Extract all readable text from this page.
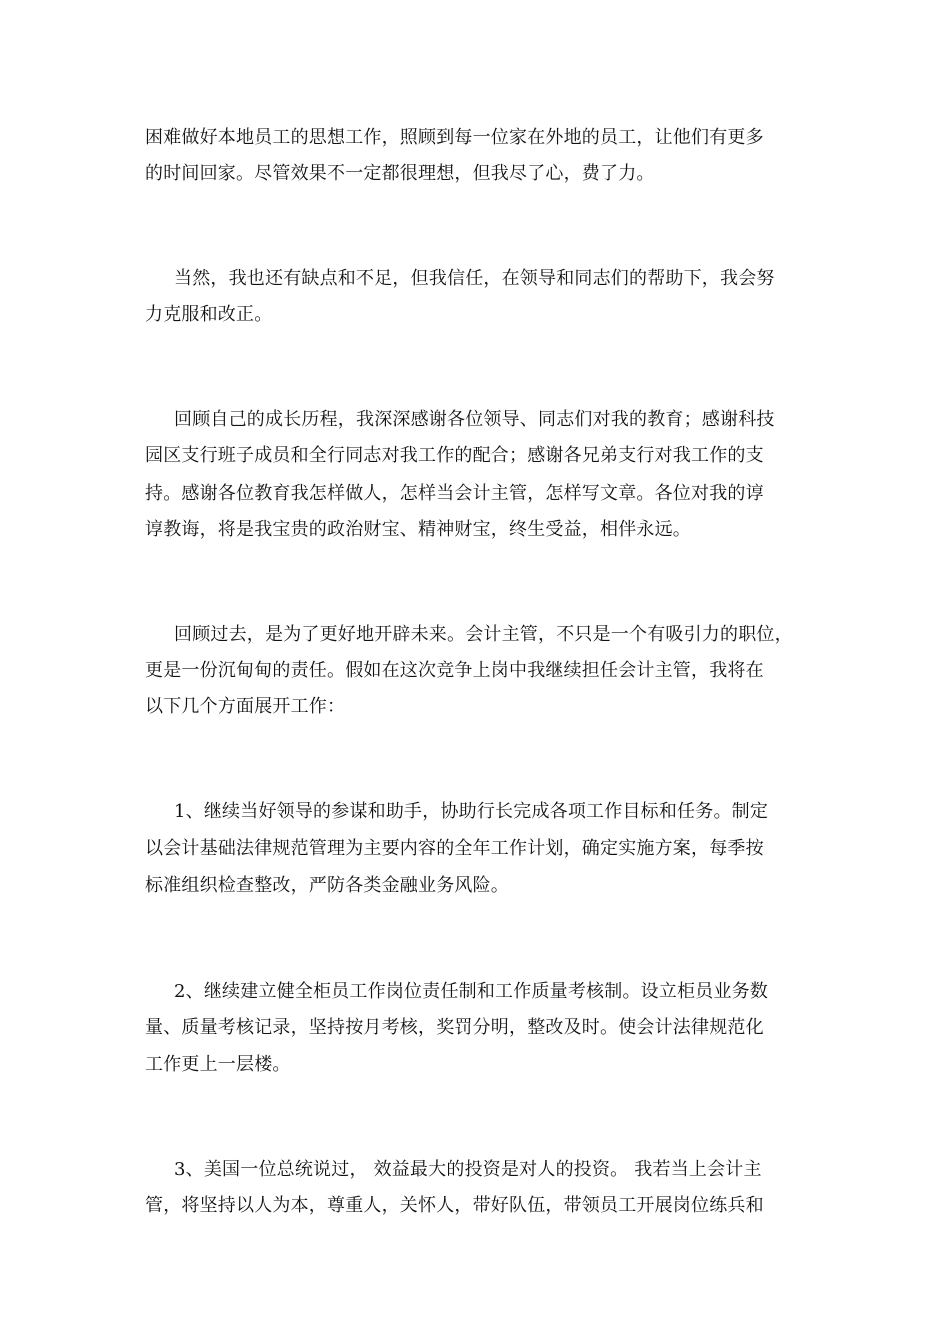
困难做好本地员工的思想工作，照顾到每一位家在外地的员工，让他们有更多
的时间回家。尽管效果不一定都很理想，但我尽了心，费了力。
当然，我也还有缺点和不足，但我信任，在领导和同志们的帮助下，我会努
力克服和改正。
回顾自己的成长历程，我深深感谢各位领导、同志们对我的教育；感谢科技
园区支行班子成员和全行同志对我工作的配合；感谢各兄弟支行对我工作的支
持。感谢各位教育我怎样做人，怎样当会计主管，怎样写文章。各位对我的谆
谆教诲，将是我宝贵的政治财宝、精神财宝，终生受益，相伴永远。
回顾过去，是为了更好地开辟未来。会计主管，不只是一个有吸引力的职位，
更是一份沉甸甸的责任。假如在这次竞争上岗中我继续担任会计主管，我将在
以下几个方面展开工作：
1、继续当好领导的参谋和助手，协助行长完成各项工作目标和任务。制定
以会计基础法律规范管理为主要内容的全年工作计划，确定实施方案，每季按
标准组织检查整改，严防各类金融业务风险。
2、继续建立健全柜员工作岗位责任制和工作质量考核制。设立柜员业务数
量、质量考核记录，坚持按月考核，奖罚分明，整改及时。使会计法律规范化
工作更上一层楼。
3、美国一位总统说过， 效益最大的投资是对人的投资。 我若当上会计主
管，将坚持以人为本，尊重人，关怀人，带好队伍，带领员工开展岗位练兵和
